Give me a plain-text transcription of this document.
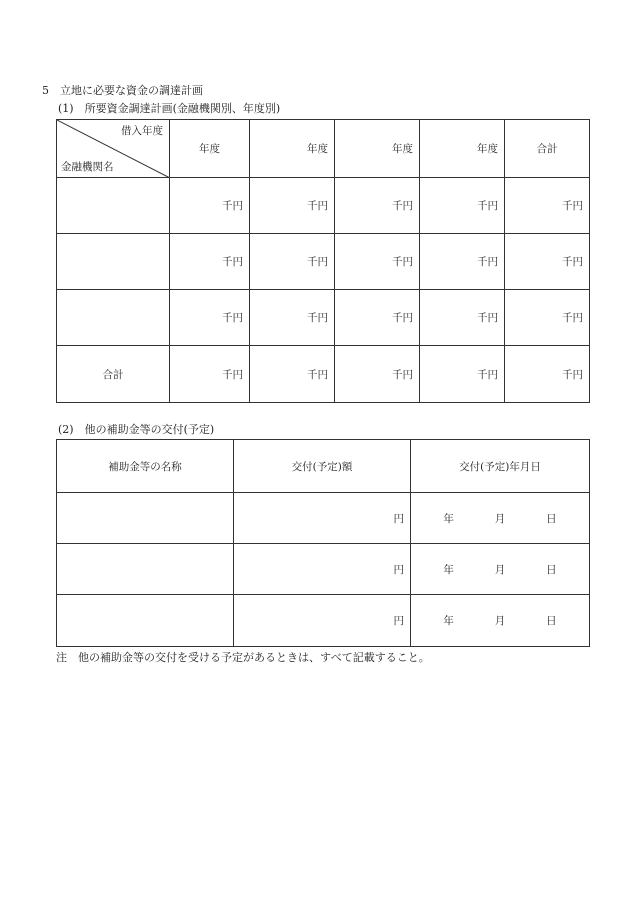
5　立地に必要な資金の調達計画
(1)　所要資金調達計画(金融機関別、年度別)
借入年度
金融機関名	年度	年度	年度	年度	合計
	千円	千円	千円	千円	千円
	千円	千円	千円	千円	千円
	千円	千円	千円	千円	千円
合計	千円	千円	千円	千円	千円
(2)　他の補助金等の交付(予定)
補助金等の名称	交付(予定)額	交付(予定)年月日
	円	年 月 日

	円	年 月 日

	円	年 月 日
注　他の補助金等の交付を受ける予定があるときは、すべて記載すること。
